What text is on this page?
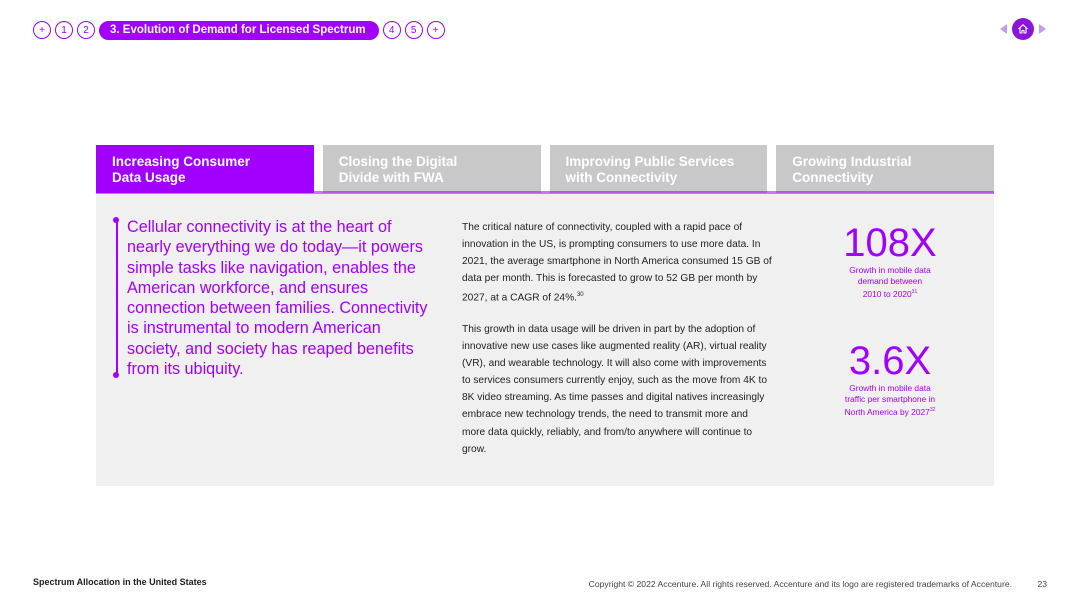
+	1	2	3. Evolution of Demand for Licensed Spectrum	4	5	+
Increasing Consumer
Data Usage
Closing the Digital
Divide with FWA
Improving Public Services
with Connectivity
Growing Industrial
Connectivity
Cellular connectivity is at the heart of nearly everything we do today—it powers simple tasks like navigation, enables the American workforce, and ensures connection between families. Connectivity is instrumental to modern American society, and society has reaped benefits from its ubiquity.
The critical nature of connectivity, coupled with a rapid pace of innovation in the US, is prompting consumers to use more data. In 2021, the average smartphone in North America consumed 15 GB of data per month. This is forecasted to grow to 52 GB per month by 2027, at a CAGR of 24%.$^{30}$
This growth in data usage will be driven in part by the adoption of innovative new use cases like augmented reality (AR), virtual reality (VR), and wearable technology. It will also come with improvements to services consumers currently enjoy, such as the move from 4K to 8K video streaming. As time passes and digital natives increasingly embrace new technology trends, the need to transmit more and more data quickly, reliably, and from/to anywhere will continue to grow.
108X
Growth in mobile data
demand between
2010 to 2020$^{31}$
3.6X
Growth in mobile data
traffic per smartphone in
North America by 2027$^{32}$
Spectrum Allocation in the United States	Copyright © 2022 Accenture. All rights reserved. Accenture and its logo are registered trademarks of Accenture.	23
